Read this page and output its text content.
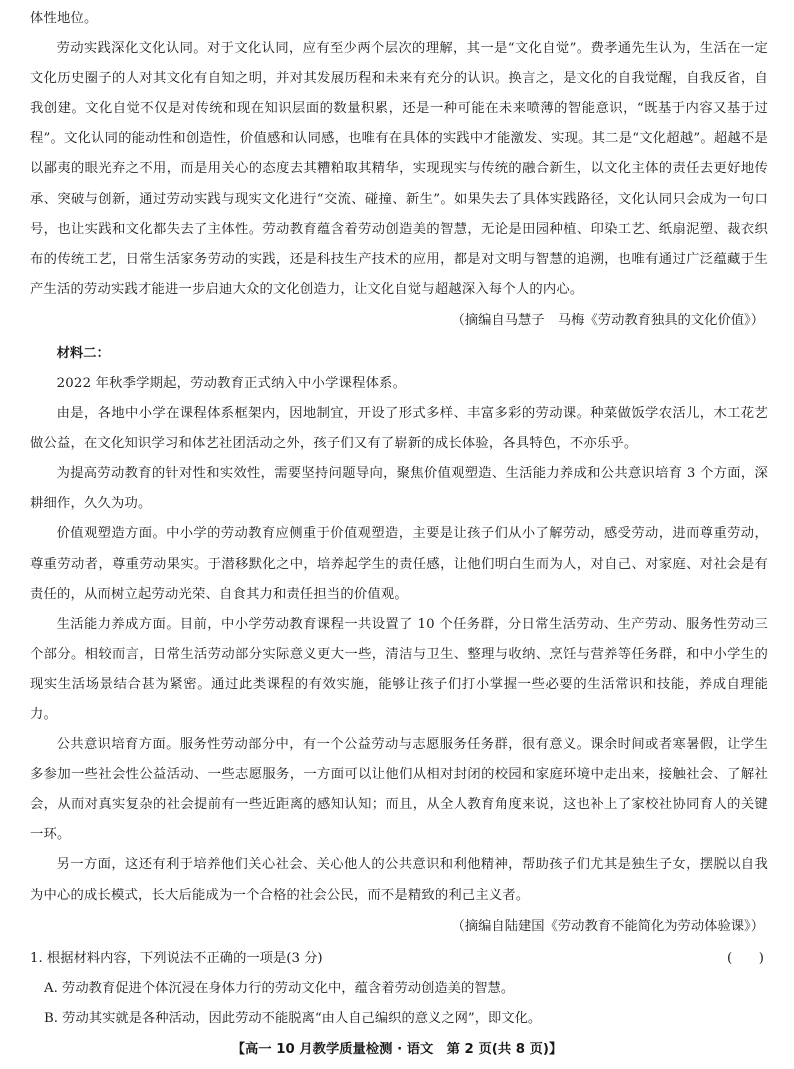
体性地位。

劳动实践深化文化认同。对于文化认同，应有至少两个层次的理解，其一是“文化自觉”。费孝通先生认为，生活在一定文化历史圈子的人对其文化有自知之明，并对其发展历程和未来有充分的认识。换言之，是文化的自我觉醒，自我反省，自我创建。文化自觉不仅是对传统和现在知识层面的数量积累，还是一种可能在未来喷薄的智能意识，“既基于内容又基于过程”。文化认同的能动性和创造性，价值感和认同感，也唯有在具体的实践中才能激发、实现。其二是“文化超越”。超越不是以鄙夷的眼光弃之不用，而是用关心的态度去其糟粕取其精华，实现现实与传统的融合新生，以文化主体的责任去更好地传承、突破与创新，通过劳动实践与现实文化进行“交流、碰撞、新生”。如果失去了具体实践路径，文化认同只会成为一句口号，也让实践和文化都失去了主体性。劳动教育蕴含着劳动创造美的智慧，无论是田园种植、印染工艺、纸扇泥塑、裁衣织布的传统工艺，日常生活家务劳动的实践，还是科技生产技术的应用，都是对文明与智慧的追溯，也唯有通过广泛蕴藏于生产生活的劳动实践才能进一步启迪大众的文化创造力，让文化自觉与超越深入每个人的内心。

（摘编自马慧子　马梅《劳动教育独具的文化价值》）

材料二：

2022 年秋季学期起，劳动教育正式纳入中小学课程体系。

由是，各地中小学在课程体系框架内，因地制宜，开设了形式多样、丰富多彩的劳动课。种菜做饭学农活儿，木工花艺做公益，在文化知识学习和体艺社团活动之外，孩子们又有了崭新的成长体验，各具特色，不亦乐乎。

为提高劳动教育的针对性和实效性，需要坚持问题导向，聚焦价值观塑造、生活能力养成和公共意识培育 3 个方面，深耕细作，久久为功。

价值观塑造方面。中小学的劳动教育应侧重于价值观塑造，主要是让孩子们从小了解劳动，感受劳动，进而尊重劳动，尊重劳动者，尊重劳动果实。于潜移默化之中，培养起学生的责任感，让他们明白生而为人，对自己、对家庭、对社会是有责任的，从而树立起劳动光荣、自食其力和责任担当的价值观。

生活能力养成方面。目前，中小学劳动教育课程一共设置了 10 个任务群，分日常生活劳动、生产劳动、服务性劳动三个部分。相较而言，日常生活劳动部分实际意义更大一些，清洁与卫生、整理与收纳、烹饪与营养等任务群，和中小学生的现实生活场景结合甚为紧密。通过此类课程的有效实施，能够让孩子们打小掌握一些必要的生活常识和技能，养成自理能力。

公共意识培育方面。服务性劳动部分中，有一个公益劳动与志愿服务任务群，很有意义。课余时间或者寒暑假，让学生多参加一些社会性公益活动、一些志愿服务，一方面可以让他们从相对封闭的校园和家庭环境中走出来，接触社会、了解社会，从而对真实复杂的社会提前有一些近距离的感知认知；而且，从全人教育角度来说，这也补上了家校社协同育人的关键一环。

另一方面，这还有利于培养他们关心社会、关心他人的公共意识和利他精神，帮助孩子们尤其是独生子女，摆脱以自我为中心的成长模式，长大后能成为一个合格的社会公民，而不是精致的利己主义者。

（摘编自陆建国《劳动教育不能简化为劳动体验课》）

1. 根据材料内容，下列说法不正确的一项是(3 分)	(　　)

A. 劳动教育促进个体沉浸在身体力行的劳动文化中，蕴含着劳动创造美的智慧。

B. 劳动其实就是各种活动，因此劳动不能脱离“由人自己编织的意义之网”，即文化。

【高一 10 月教学质量检测 · 语文　第 2 页(共 8 页)】
